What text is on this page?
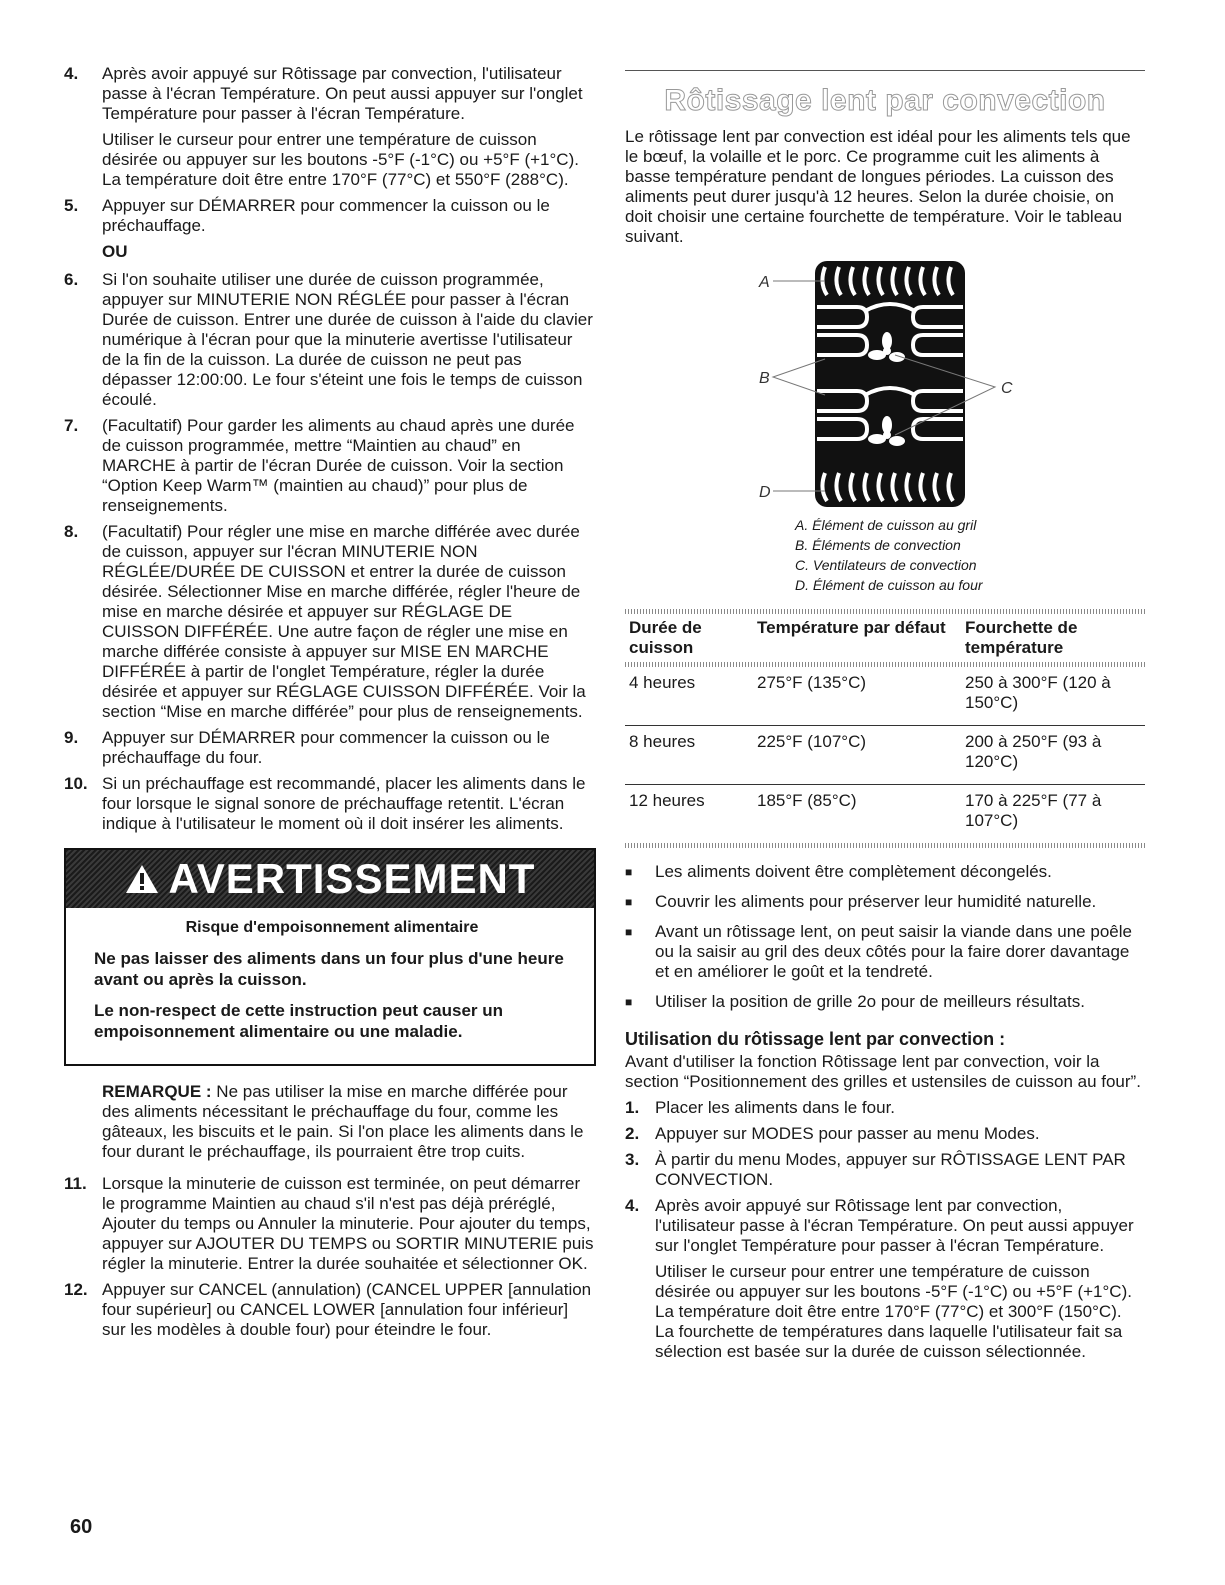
4.	Après avoir appuyé sur Rôtissage par convection, l'utilisateur passe à l'écran Température. On peut aussi appuyer sur l'onglet Température pour passer à l'écran Température.

Utiliser le curseur pour entrer une température de cuisson désirée ou appuyer sur les boutons -5°F (-1°C) ou +5°F (+1°C). La température doit être entre 170°F (77°C) et 550°F (288°C).

5.	Appuyer sur DÉMARRER pour commencer la cuisson ou le préchauffage.

OU
6.	Si l'on souhaite utiliser une durée de cuisson programmée, appuyer sur MINUTERIE NON RÉGLÉE pour passer à l'écran Durée de cuisson. Entrer une durée de cuisson à l'aide du clavier numérique à l'écran pour que la minuterie avertisse l'utilisateur de la fin de la cuisson. La durée de cuisson ne peut pas dépasser 12:00:00. Le four s'éteint une fois le temps de cuisson écoulé.

7.	(Facultatif) Pour garder les aliments au chaud après une durée de cuisson programmée, mettre “Maintien au chaud” en MARCHE à partir de l'écran Durée de cuisson. Voir la section “Option Keep Warm™ (maintien au chaud)” pour plus de renseignements.

8.	(Facultatif) Pour régler une mise en marche différée avec durée de cuisson, appuyer sur l'écran MINUTERIE NON RÉGLÉE/DURÉE DE CUISSON et entrer la durée de cuisson désirée. Sélectionner Mise en marche différée, régler l'heure de mise en marche désirée et appuyer sur RÉGLAGE DE CUISSON DIFFÉRÉE. Une autre façon de régler une mise en marche différée consiste à appuyer sur MISE EN MARCHE DIFFÉRÉE à partir de l'onglet Température, régler la durée désirée et appuyer sur RÉGLAGE CUISSON DIFFÉRÉE. Voir la section “Mise en marche différée” pour plus de renseignements.

9.	Appuyer sur DÉMARRER pour commencer la cuisson ou le préchauffage du four.

10. Si un préchauffage est recommandé, placer les aliments dans le four lorsque le signal sonore de préchauffage retentit. L'écran indique à l'utilisateur le moment où il doit insérer les aliments.

AVERTISSEMENT
Risque d'empoisonnement alimentaire
Ne pas laisser des aliments dans un four plus d'une heure avant ou après la cuisson.
Le non-respect de cette instruction peut causer un empoisonnement alimentaire ou une maladie.

REMARQUE : Ne pas utiliser la mise en marche différée pour des aliments nécessitant le préchauffage du four, comme les gâteaux, les biscuits et le pain. Si l'on place les aliments dans le four durant le préchauffage, ils pourraient être trop cuits.

11. Lorsque la minuterie de cuisson est terminée, on peut démarrer le programme Maintien au chaud s'il n'est pas déjà préréglé, Ajouter du temps ou Annuler la minuterie. Pour ajouter du temps, appuyer sur AJOUTER DU TEMPS ou SORTIR MINUTERIE puis régler la minuterie. Entrer la durée souhaitée et sélectionner OK.

12. Appuyer sur CANCEL (annulation) (CANCEL UPPER [annulation four supérieur] ou CANCEL LOWER [annulation four inférieur] sur les modèles à double four) pour éteindre le four.

Rôtissage lent par convection

Le rôtissage lent par convection est idéal pour les aliments tels que le bœuf, la volaille et le porc. Ce programme cuit les aliments à basse température pendant de longues périodes. La cuisson des aliments peut durer jusqu'à 12 heures. Selon la durée choisie, on doit choisir une certaine fourchette de température. Voir le tableau suivant.

A
B
C
D
A. Élément de cuisson au gril
B. Éléments de convection
C. Ventilateurs de convection
D. Élément de cuisson au four
Durée de cuisson	Température par défaut	Fourchette de température

4 heures	275°F (135°C)	250 à 300°F (120 à 150°C)
8 heures	225°F (107°C)	200 à 250°F (93 à 120°C)
12 heures	185°F (85°C)	170 à 225°F (77 à 107°C)
■	Les aliments doivent être complètement décongelés.
■	Couvrir les aliments pour préserver leur humidité naturelle.
■	Avant un rôtissage lent, on peut saisir la viande dans une poêle ou la saisir au gril des deux côtés pour la faire dorer davantage et en améliorer le goût et la tendreté.
■	Utiliser la position de grille 2o pour de meilleurs résultats.
Utilisation du rôtissage lent par convection :

Avant d'utiliser la fonction Rôtissage lent par convection, voir la section “Positionnement des grilles et ustensiles de cuisson au four”.

1. Placer les aliments dans le four.

2. Appuyer sur MODES pour passer au menu Modes.

3. À partir du menu Modes, appuyer sur RÔTISSAGE LENT PAR CONVECTION.

4. Après avoir appuyé sur Rôtissage lent par convection, l'utilisateur passe à l'écran Température. On peut aussi appuyer sur l'onglet Température pour passer à l'écran Température.

Utiliser le curseur pour entrer une température de cuisson désirée ou appuyer sur les boutons -5°F (-1°C) ou +5°F (+1°C). La température doit être entre 170°F (77°C) et 300°F (150°C). La fourchette de températures dans laquelle l'utilisateur fait sa sélection est basée sur la durée de cuisson sélectionnée.

60
